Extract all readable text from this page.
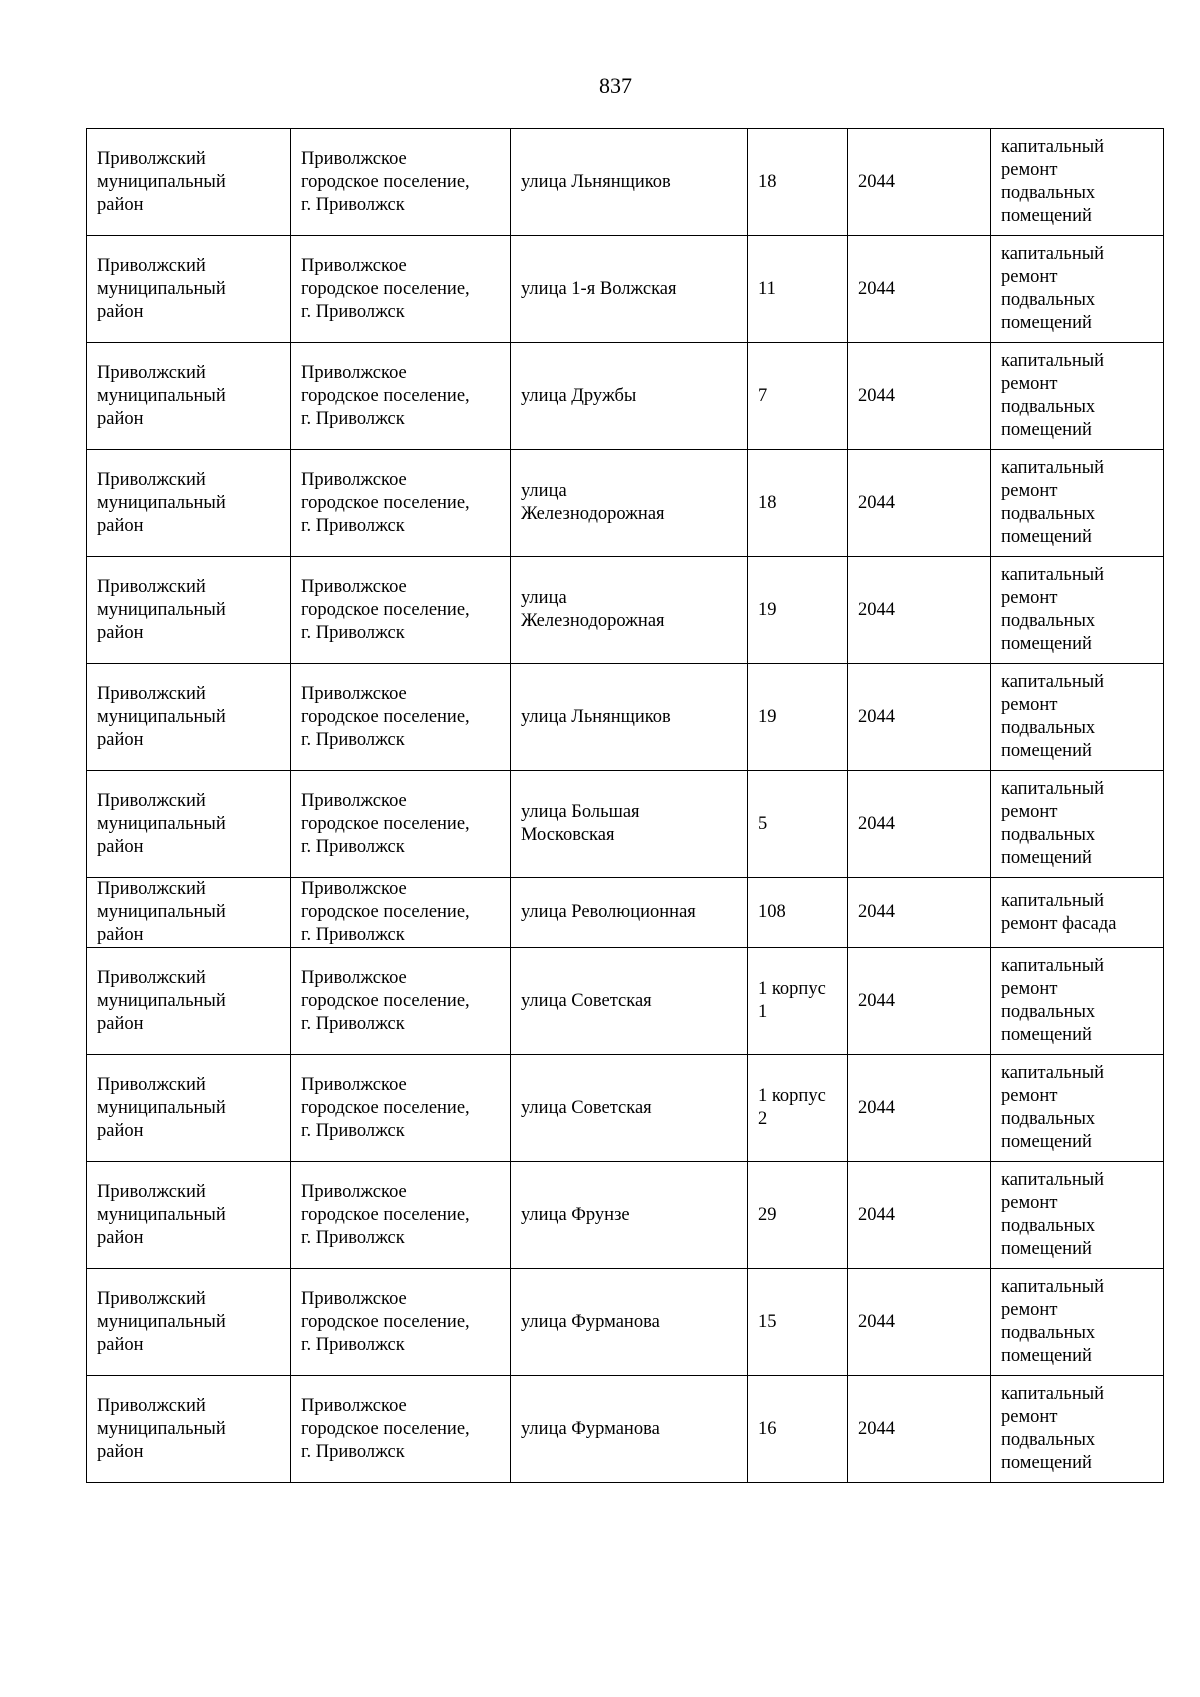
837
Приволжский
муниципальный
район	Приволжское
городское поселение,
г. Приволжск	улица Льнянщиков	18	2044	капитальный
ремонт
подвальных
помещений
Приволжский
муниципальный
район	Приволжское
городское поселение,
г. Приволжск	улица 1-я Волжская	11	2044	капитальный
ремонт
подвальных
помещений
Приволжский
муниципальный
район	Приволжское
городское поселение,
г. Приволжск	улица Дружбы	7	2044	капитальный
ремонт
подвальных
помещений
Приволжский
муниципальный
район	Приволжское
городское поселение,
г. Приволжск	улица
Железнодорожная	18	2044	капитальный
ремонт
подвальных
помещений
Приволжский
муниципальный
район	Приволжское
городское поселение,
г. Приволжск	улица
Железнодорожная	19	2044	капитальный
ремонт
подвальных
помещений
Приволжский
муниципальный
район	Приволжское
городское поселение,
г. Приволжск	улица Льнянщиков	19	2044	капитальный
ремонт
подвальных
помещений
Приволжский
муниципальный
район	Приволжское
городское поселение,
г. Приволжск	улица Большая
Московская	5	2044	капитальный
ремонт
подвальных
помещений
Приволжский
муниципальный
район	Приволжское
городское поселение,
г. Приволжск	улица Революционная	108	2044	капитальный
ремонт фасада
Приволжский
муниципальный
район	Приволжское
городское поселение,
г. Приволжск	улица Советская	1 корпус
1	2044	капитальный
ремонт
подвальных
помещений
Приволжский
муниципальный
район	Приволжское
городское поселение,
г. Приволжск	улица Советская	1 корпус
2	2044	капитальный
ремонт
подвальных
помещений
Приволжский
муниципальный
район	Приволжское
городское поселение,
г. Приволжск	улица Фрунзе	29	2044	капитальный
ремонт
подвальных
помещений
Приволжский
муниципальный
район	Приволжское
городское поселение,
г. Приволжск	улица Фурманова	15	2044	капитальный
ремонт
подвальных
помещений
Приволжский
муниципальный
район	Приволжское
городское поселение,
г. Приволжск	улица Фурманова	16	2044	капитальный
ремонт
подвальных
помещений
